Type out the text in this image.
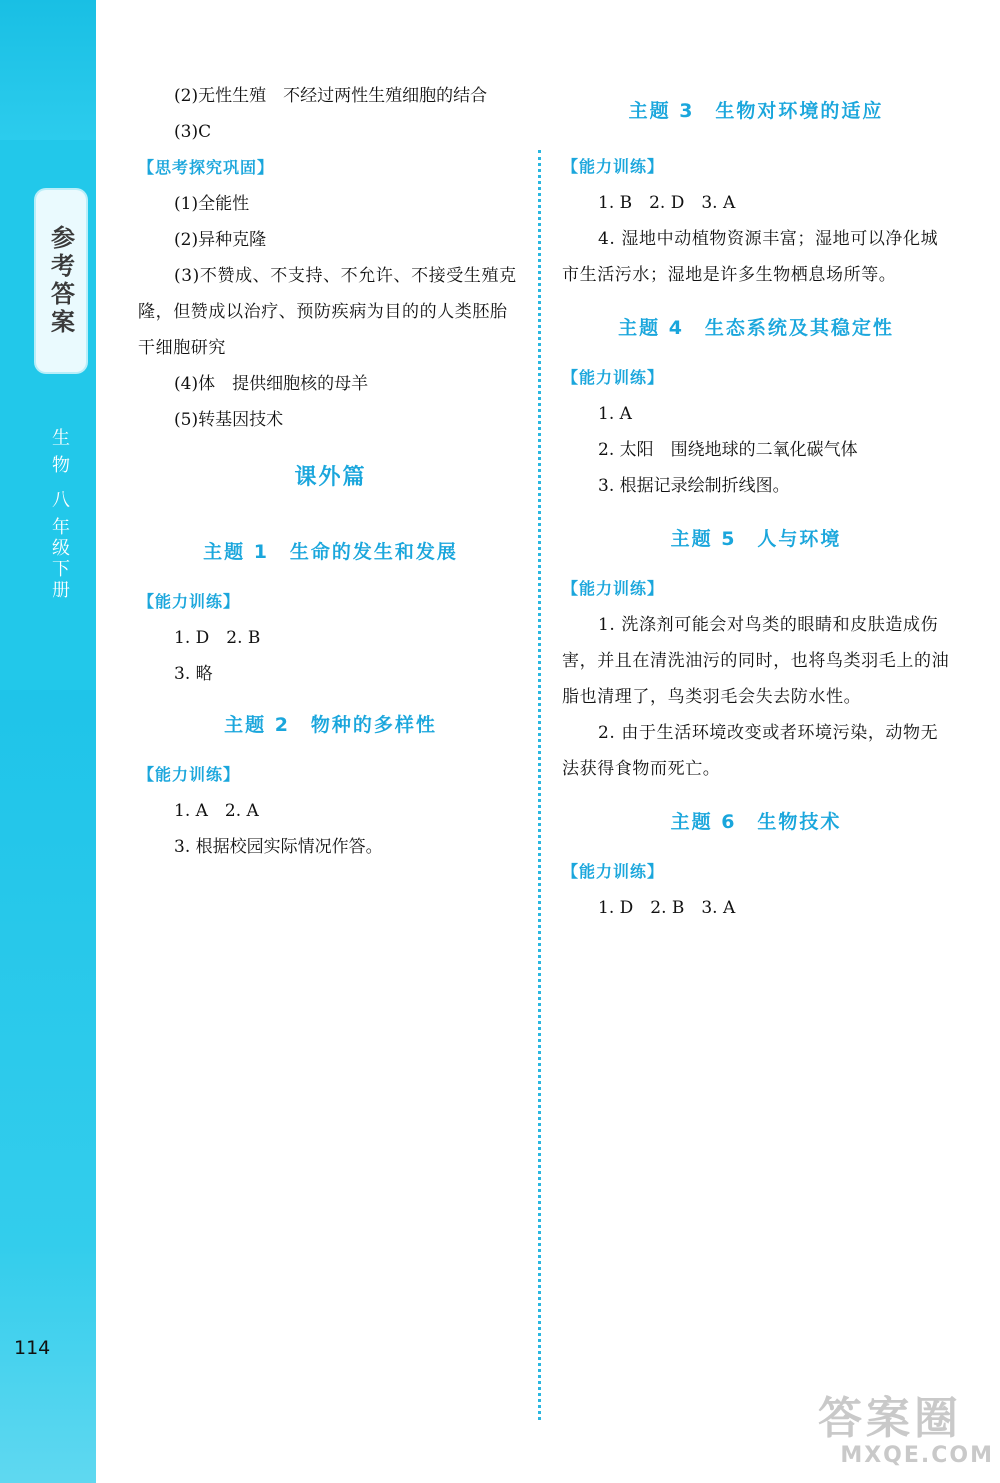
参考答案
生
物
八
年
级
下
册
114
(2)无性生殖　不经过两性生殖细胞的结合
(3)C
【思考探究巩固】
(1)全能性
(2)异种克隆
(3)不赞成、不支持、不允许、不接受生殖克隆，但赞成以治疗、预防疾病为目的的人类胚胎干细胞研究
(4)体　提供细胞核的母羊
(5)转基因技术
课外篇
主题 1　生命的发生和发展
【能力训练】
1. D　2. B
3. 略
主题 2　物种的多样性
【能力训练】
1. A　2. A
3. 根据校园实际情况作答。
主题 3　生物对环境的适应
【能力训练】
1. B　2. D　3. A
4. 湿地中动植物资源丰富；湿地可以净化城市生活污水；湿地是许多生物栖息场所等。
主题 4　生态系统及其稳定性
【能力训练】
1. A
2. 太阳　围绕地球的二氧化碳气体
3. 根据记录绘制折线图。
主题 5　人与环境
【能力训练】
1. 洗涤剂可能会对鸟类的眼睛和皮肤造成伤害，并且在清洗油污的同时，也将鸟类羽毛上的油脂也清理了，鸟类羽毛会失去防水性。
2. 由于生活环境改变或者环境污染，动物无法获得食物而死亡。
主题 6　生物技术
【能力训练】
1. D　2. B　3. A
答案圈
MXQE.COM
